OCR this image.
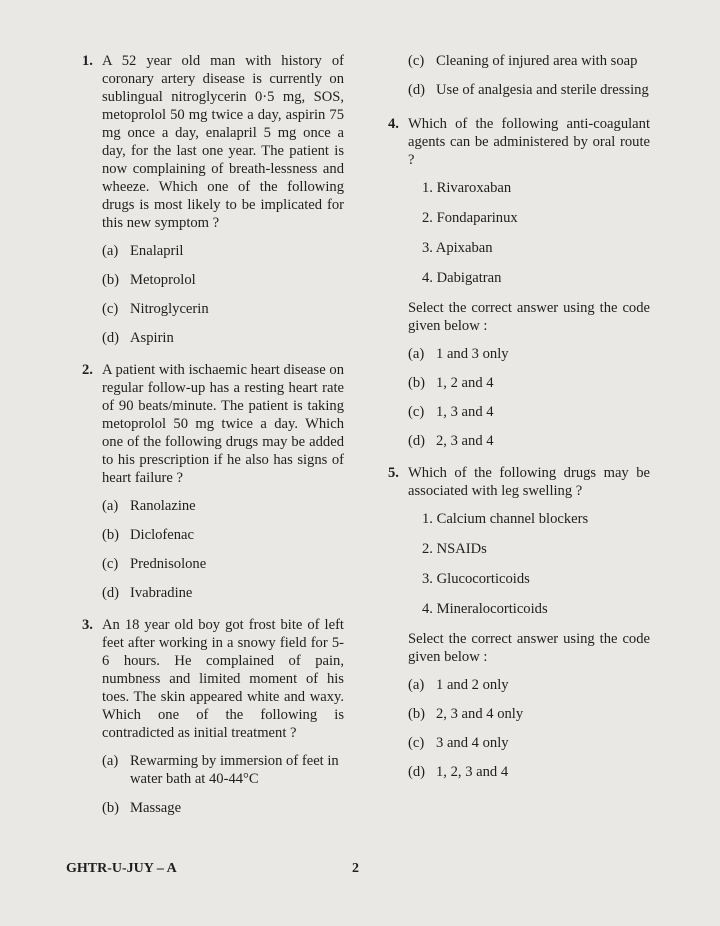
1. A 52 year old man with history of coronary artery disease is currently on sublingual nitroglycerin 0·5 mg, SOS, metoprolol 50 mg twice a day, aspirin 75 mg once a day, enalapril 5 mg once a day, for the last one year. The patient is now complaining of breath-lessness and wheeze. Which one of the following drugs is most likely to be implicated for this new symptom ?

(a) Enalapril
(b) Metoprolol
(c) Nitroglycerin
(d) Aspirin
2. A patient with ischaemic heart disease on regular follow-up has a resting heart rate of 90 beats/minute. The patient is taking metoprolol 50 mg twice a day. Which one of the following drugs may be added to his prescription if he also has signs of heart failure ?

(a) Ranolazine
(b) Diclofenac
(c) Prednisolone
(d) Ivabradine
3. An 18 year old boy got frost bite of left feet after working in a snowy field for 5-6 hours. He complained of pain, numbness and limited moment of his toes. The skin appeared white and waxy. Which one of the following is contradicted as initial treatment ?

(a) Rewarming by immersion of feet in water bath at 40-44°C
(b) Massage
(c) Cleaning of injured area with soap
(d) Use of analgesia and sterile dressing
4. Which of the following anti-coagulant agents can be administered by oral route ?

1. Rivaroxaban
2. Fondaparinux
3. Apixaban
4. Dabigatran

Select the correct answer using the code given below :

(a) 1 and 3 only
(b) 1, 2 and 4
(c) 1, 3 and 4
(d) 2, 3 and 4
5. Which of the following drugs may be associated with leg swelling ?

1. Calcium channel blockers
2. NSAIDs
3. Glucocorticoids
4. Mineralocorticoids

Select the correct answer using the code given below :

(a) 1 and 2 only
(b) 2, 3 and 4 only
(c) 3 and 4 only
(d) 1, 2, 3 and 4
GHTR-U-JUY – A	2
